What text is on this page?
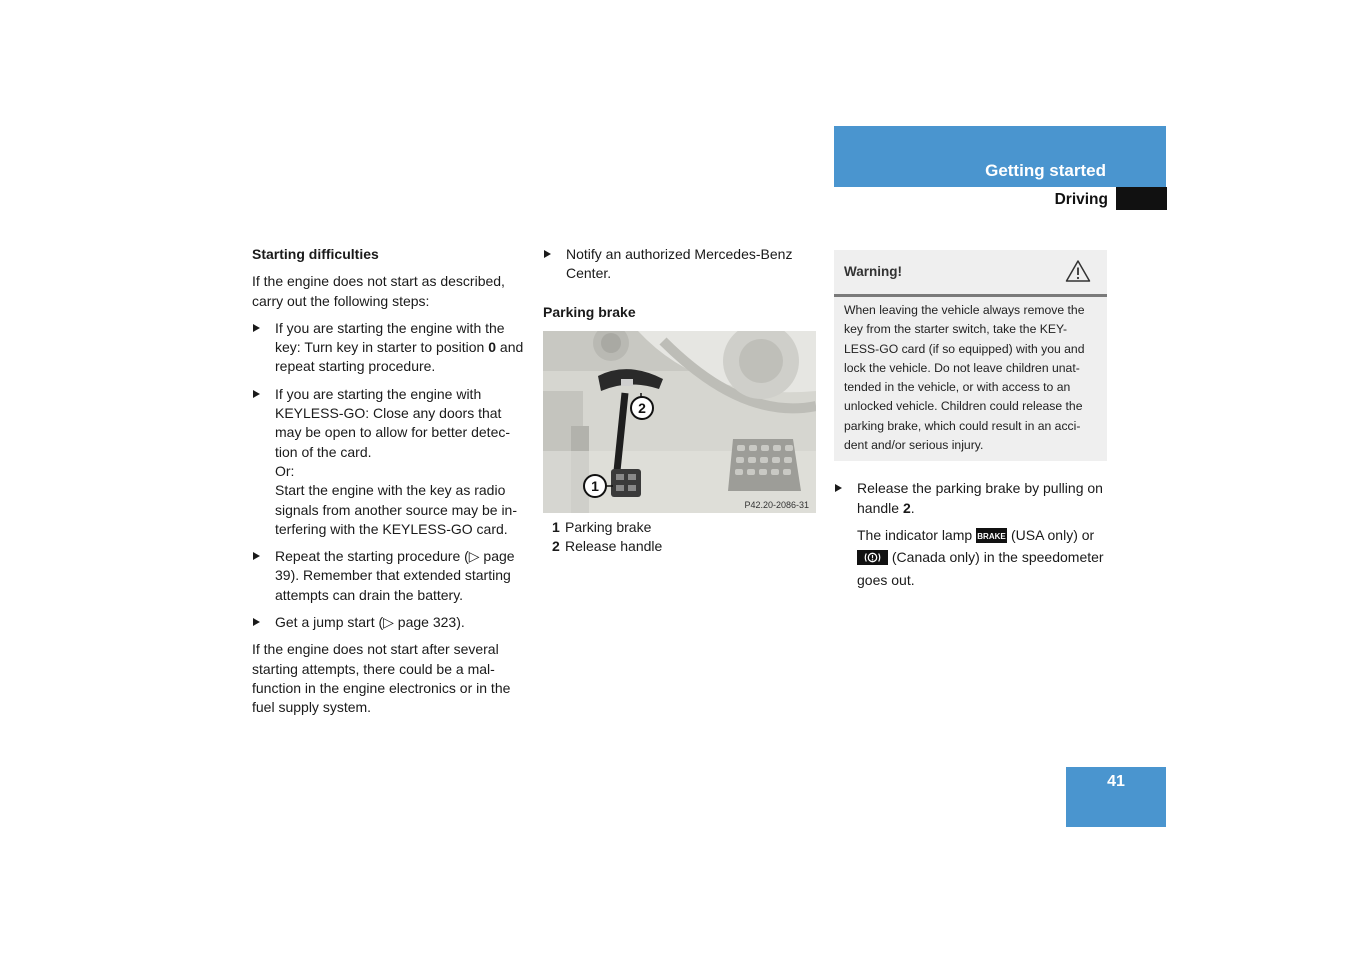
Getting started
Driving
Starting difficulties

If the engine does not start as described, carry out the following steps:

If you are starting the engine with the key: Turn key in starter to position 0 and repeat starting procedure.

If you are starting the engine with KEYLESS-GO: Close any doors that may be open to allow for better detec-tion of the card.

Or:

Start the engine with the key as radio signals from another source may be in-terfering with the KEYLESS-GO card.

Repeat the starting procedure (▷ page 39). Remember that extended starting attempts can drain the battery.
Get a jump start (▷ page 323).

If the engine does not start after several starting attempts, there could be a mal-function in the engine electronics or in the fuel supply system.

Notify an authorized Mercedes-Benz Center.
Parking brake
2
1
P42.20-2086-31
1 Parking brake
2 Release handle
Warning!
When leaving the vehicle always remove the key from the starter switch, take the KEY-LESS-GO card (if so equipped) with you and lock the vehicle. Do not leave children unat-tended in the vehicle, or with access to an unlocked vehicle. Children could release the parking brake, which could result in an acci-dent and/or serious injury.
Release the parking brake by pulling on handle 2.

The indicator lamp BRAKE (USA only) or  (Canada only) in the speedometer goes out.

41
